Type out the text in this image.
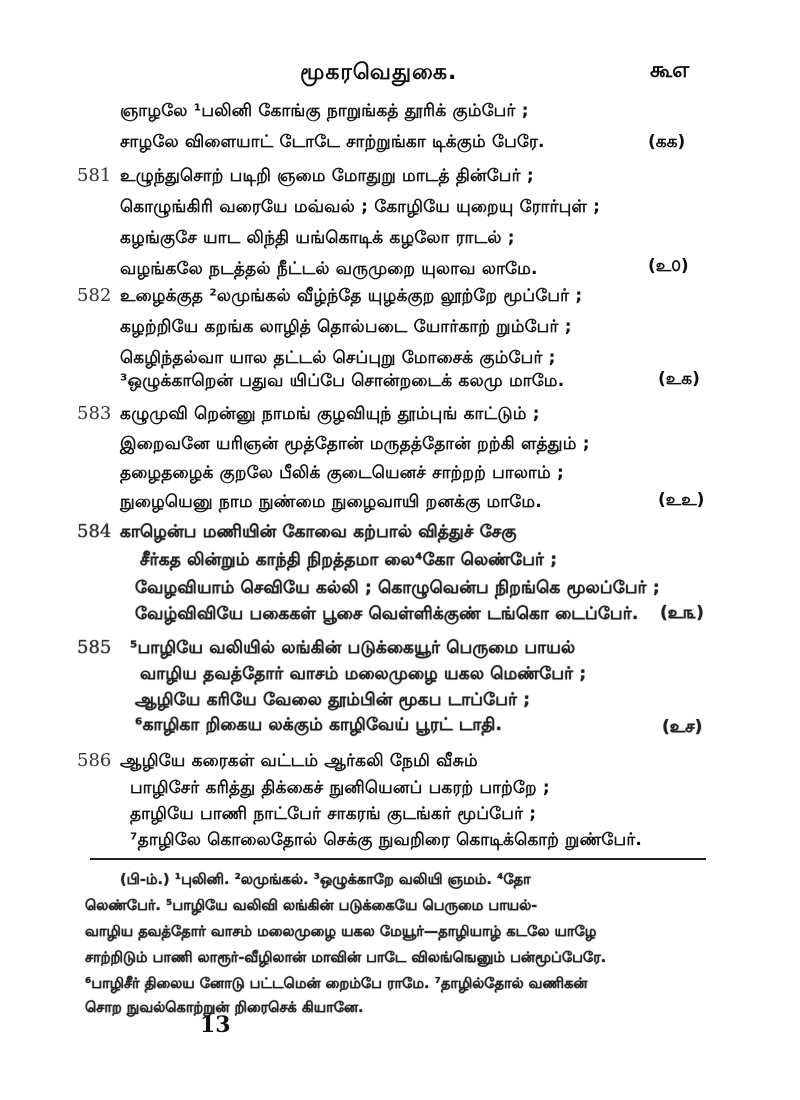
மூகரவெதுகை.	கூஎ
ஞாழலே ¹பலினி கோங்கு நாறுங்கத் தூரிக் கும்பேர் ;
சாழலே விளையாட் டோடே சாற்றுங்கா டிக்கும் பேரே.	(கக)
581 உழுந்துசொற் படிறி ஞமை மோதுறு மாடத் தின்பேர் ;
கொழுங்கிரி வரையே மவ்வல் ; கோழியே யுறையு ரோர்புள் ;
கழங்குசே யாட லிந்தி யங்கொடிக் கழலோ ராடல் ;
வழங்கலே நடத்தல் நீட்டல் வருமுறை யுலாவ லாமே.	(உ௦)
582 உழைக்குத ²லமுங்கல் வீழ்ந்தே யுழக்குற லூற்றே மூப்பேர் ;
கழற்றியே கறங்க லாழித் தொல்படை யோர்காற் றும்பேர் ;
கெழிந்தல்வா யால தட்டல் செப்புறு மோசைக் கும்பேர் ;
³ஒழுக்காறென் பதுவ யிப்பே சொன்றடைக் கலமு மாமே.	(உக)
583 கழுமுவி றென்னு நாமங் குழவியுந் தூம்புங் காட்டும் ;
இறைவனே யரிஞன் மூத்தோன் மருதத்தோன் றற்கி ளத்தும் ;
தழைதழைக் குறலே பீலிக் குடையெனச் சாற்றற் பாலாம் ;
நுழையெனு நாம நுண்மை நுழைவாயி றனக்கு மாமே.	(உஉ)
584 காழென்ப மணியின் கோவை கற்பால் வித்துச் சேகு
சீர்கத லின்றும் காந்தி நிறத்தமா லை⁴கோ லெண்பேர் ;
வேழவியாம் செவியே கல்லி ; கொழுவென்ப நிறங்கெ மூலப்பேர் ;
வேழ்விவியே பகைகள் பூசை வெள்ளிக்குண் டங்கொ டைப்பேர். (உ௩)
585 ⁵பாழியே வலியில் லங்கின் படுக்கையூர் பெருமை பாயல்
வாழிய தவத்தோர் வாசம் மலைமுழை யகல மெண்பேர் ;
ஆழியே கரியே வேலை தூம்பின் மூகப டாப்பேர் ;
⁶காழிகா றிகைய லக்கும் காழிவேய் பூரட் டாதி.	(உச)
586 ஆழியே கரைகள் வட்டம் ஆர்கலி நேமி வீசும்
பாழிசேர் கரித்து திக்கைச் நுனியெனப் பகரற் பாற்றே ;
தாழியே பாணி நாட்பேர் சாகரங் குடங்கர் மூப்பேர் ;
⁷தாழிலே கொலைதோல் செக்கு நுவறிரை கொடிக்கொற் றுண்பேர்.
(பி-ம்.) ¹புலினி. ²லமுங்கல். ³ஒழுக்காறே வலியி ஞமம். ⁴தோ
லெண்பேர். ⁵பாழியே வலிவி லங்கின் படுக்கையே பெருமை பாயல்-
வாழிய தவத்தோர் வாசம் மலைமுழை யகல மேயூர்—தாழியாழ் கடலே யாழே
சாற்றிடும் பாணி லாரூர்-வீழிலான் மாவின் பாடே விலங்ஙெனும் பன்மூப்பேரே.
⁶பாழிசீர் திலைய னோடு பட்டமென் றைம்பே ராமே. ⁷தாழில்தோல் வணிகன்
சொற நுவல்கொற்றுன் றிரைசெக் கியானே.
13
